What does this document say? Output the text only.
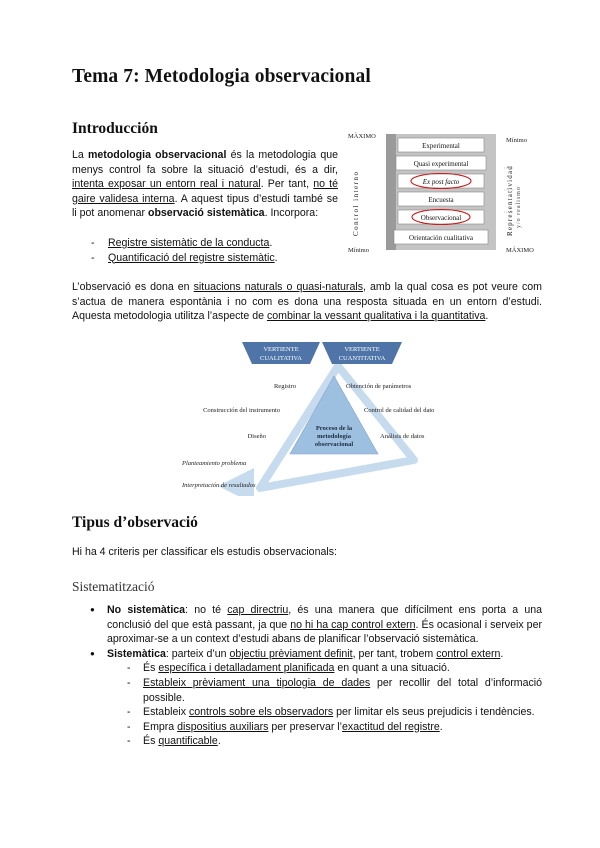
Tema 7: Metodologia observacional
Introducción

La metodologia observacional és la metodologia que menys control fa sobre la situació d’estudi, és a dir, intenta exposar un entorn real i natural. Per tant, no té gaire validesa interna. A aquest tipus d’estudi també se li pot anomenar observació sistemàtica. Incorpora:

- Registre sistemàtic de la conducta.
- Quantificació del registre sistemàtic.
MÀXIMO
Mínimo
Mínimo	MÁXIMO
Control interno	Representatividad y/o realismo
Experimental
Quasi experimental
Ex post facto
Encuesta
Observacional
Orientación cualitativa

L’observació es dona en situacions naturals o quasi-naturals, amb la qual cosa es pot veure com s’actua de manera espontània i no com es dona una resposta situada en un entorn d’estudi. Aquesta metodologia utilitza l’aspecte de combinar la vessant qualitativa i la quantitativa.

Proceso de la
metodología
observacional
VERTIENTE
CUALITATIVA
VERTIENTE
CUANTITATIVA
Registro
Construcción del instrumento
Diseño
Obtención de parámetros
Control de calidad del dato
Análisis de datos
Planteamiento problema
Interpretación de resultados
Tipus d’observació

Hi ha 4 criteris per classificar els estudis observacionals:

Sistematització
● No sistemàtica: no té cap directriu, és una manera que difícilment ens porta a una conclusió del que està passant, ja que no hi ha cap control extern. És ocasional i serveix per aproximar-se a un context d’estudi abans de planificar l’observació sistemàtica.
● Sistemàtica: parteix d’un objectiu prèviament definit, per tant, trobem control extern.
- És específica i detalladament planificada en quant a una situació.
- Estableix prèviament una tipologia de dades per recollir del total d’informació possible.
- Estableix controls sobre els observadors per limitar els seus prejudicis i tendències.
- Empra dispositius auxiliars per preservar l’exactitud del registre.
- És quantificable.
